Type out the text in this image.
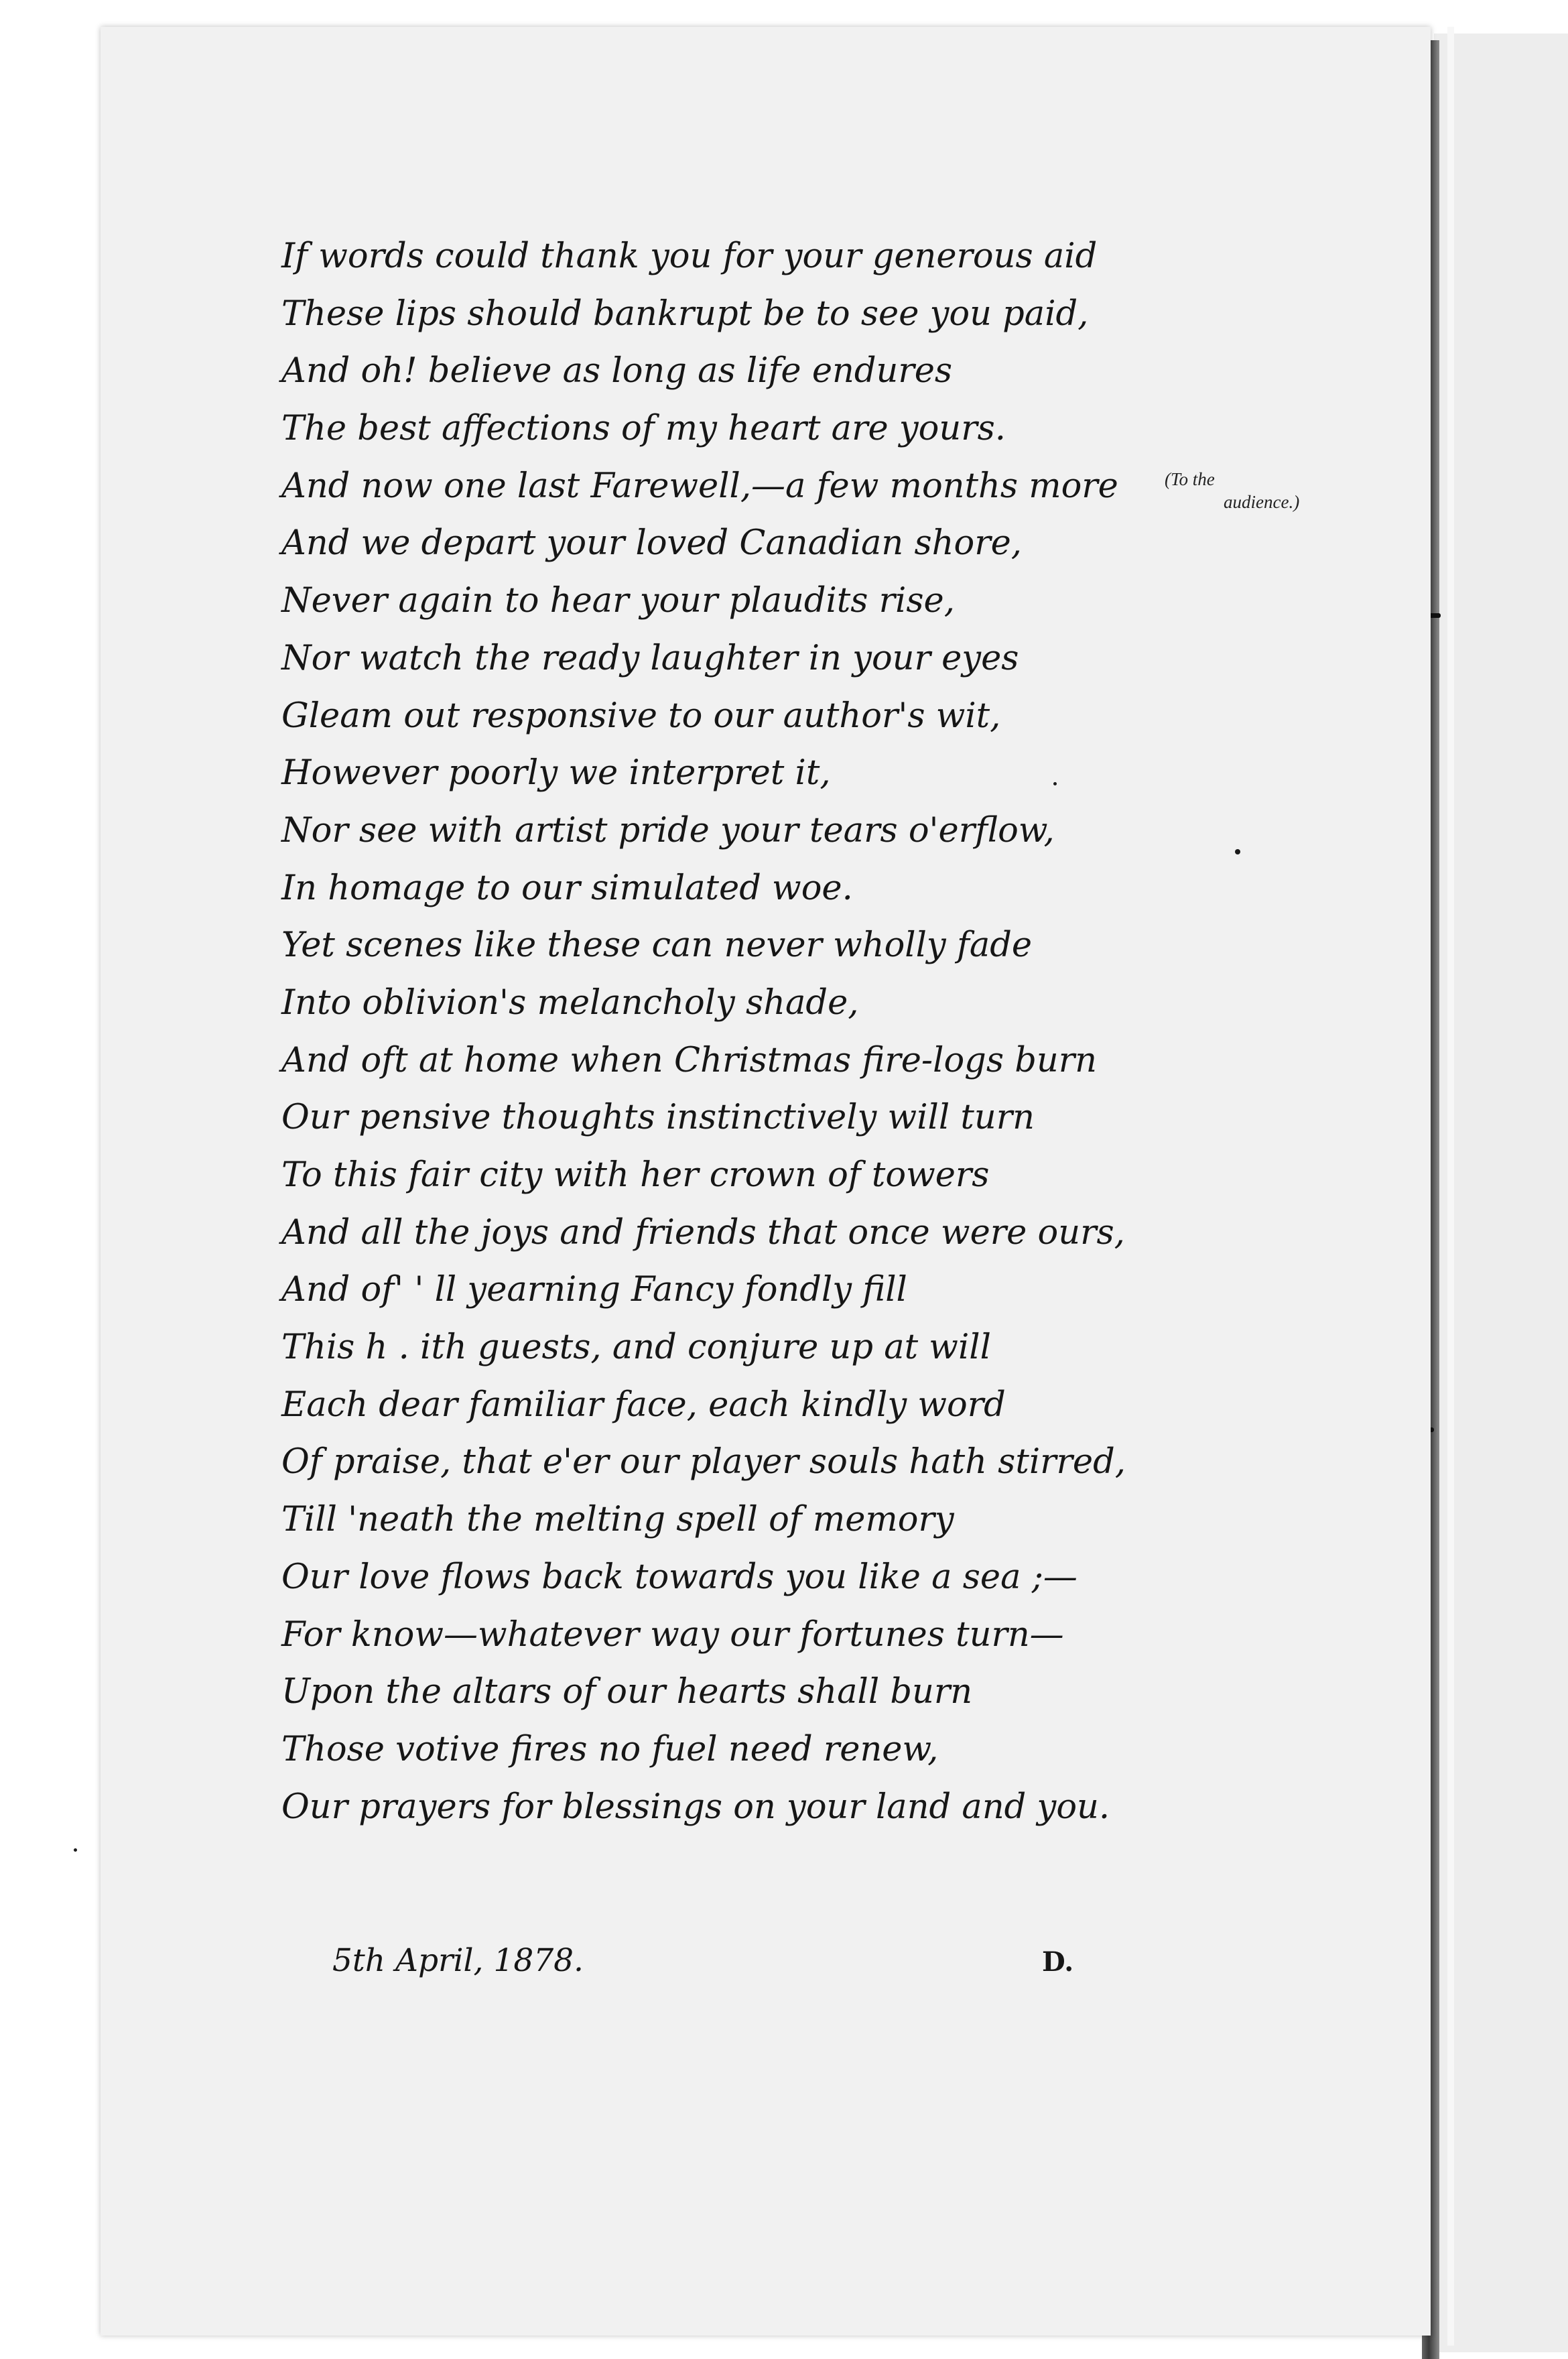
If words could thank you for your generous aid
These lips should bankrupt be to see you paid,
And oh! believe as long as life endures
The best affections of my heart are yours.
And now one last Farewell,—a few months more
And we depart your loved Canadian shore,
Never again to hear your plaudits rise,
Nor watch the ready laughter in your eyes
Gleam out responsive to our author's wit,
However poorly we interpret it,
Nor see with artist pride your tears o'erflow,
In homage to our simulated woe.
Yet scenes like these can never wholly fade
Into oblivion's melancholy shade,
And oft at home when Christmas fire-logs burn
Our pensive thoughts instinctively will turn
To this fair city with her crown of towers
And all the joys and friends that once were ours,
And of' ' ll yearning Fancy fondly fill
This h . ith guests, and conjure up at will
Each dear familiar face, each kindly word
Of praise, that e'er our player souls hath stirred,
Till 'neath the melting spell of memory
Our love flows back towards you like a sea ;—
For know—whatever way our fortunes turn—
Upon the altars of our hearts shall burn
Those votive fires no fuel need renew,
Our prayers for blessings on your land and you.
(To the
audience.)
5th April, 1878.	D.
